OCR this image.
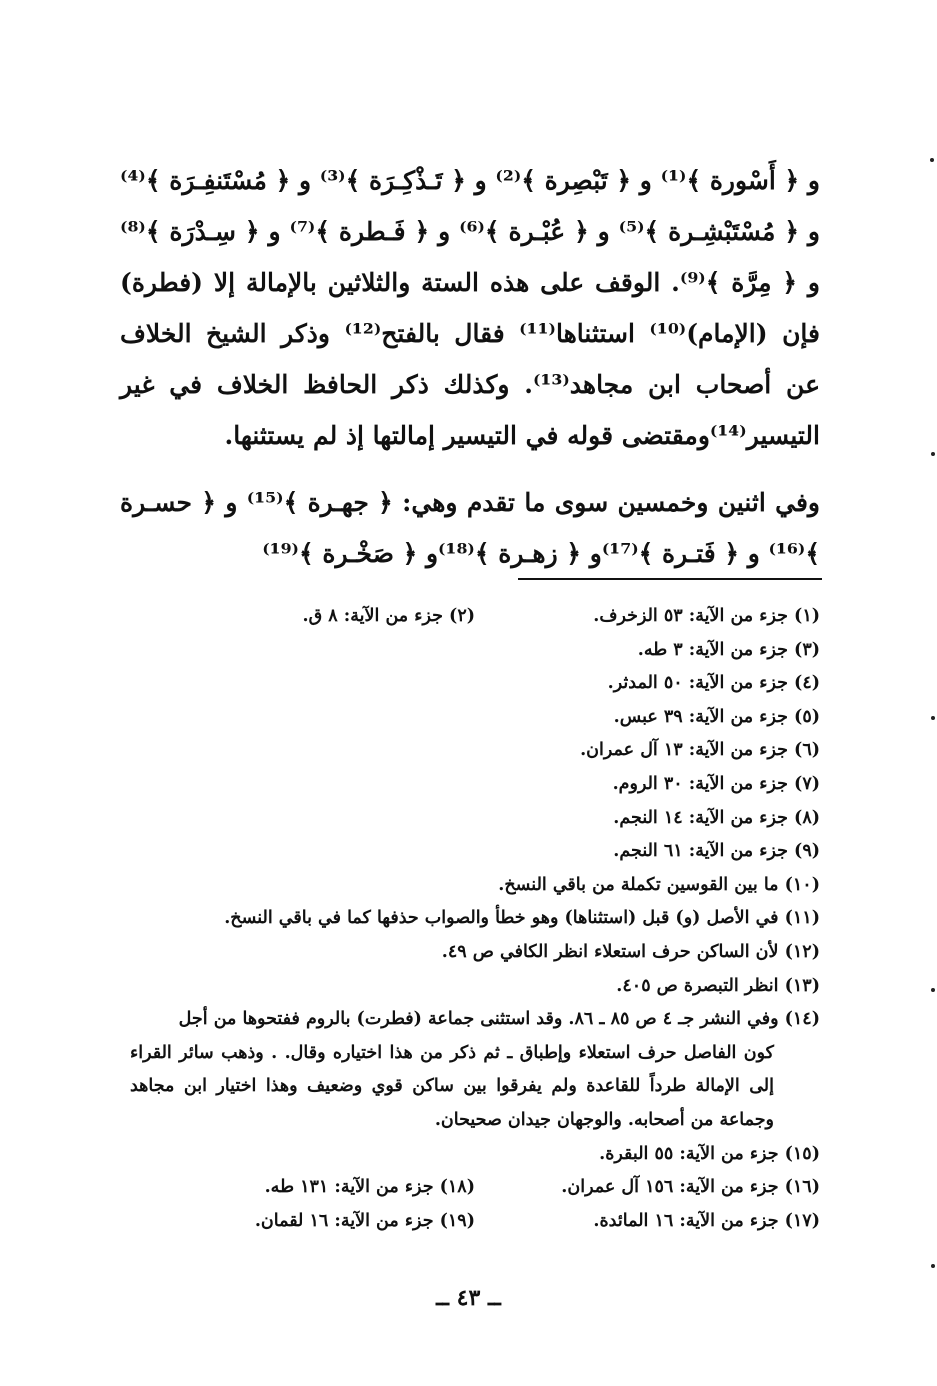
و ﴿ أَسْورة ﴾⁽¹⁾ و ﴿ تَبْصِرة ﴾⁽²⁾ و ﴿ تَـذْكِـرَة ﴾⁽³⁾ و ﴿ مُسْتَنفِـرَة ﴾⁽⁴⁾ و ﴿ مُسْتَبْشِـرة ﴾⁽⁵⁾ و ﴿ عُبْـرة ﴾⁽⁶⁾ و ﴿ فَـطرة ﴾⁽⁷⁾ و ﴿ سِـدْرَة ﴾⁽⁸⁾ و ﴿ مِرَّة ﴾⁽⁹⁾. الوقف على هذه الستة والثلاثين بالإمالة إلا (فطرة) فإن (الإمام)⁽¹⁰⁾ استثناها⁽¹¹⁾ فقال بالفتح⁽¹²⁾ وذكر الشيخ الخلاف عن أصحاب ابن مجاهد⁽¹³⁾. وكذلك ذكر الحافظ الخلاف في غير التيسير⁽¹⁴⁾ومقتضى قوله في التيسير إمالتها إذ لم يستثنها.

وفي اثنين وخمسين سوى ما تقدم وهي: ﴿ جهـرة ﴾⁽¹⁵⁾ و ﴿ حسـرة ﴾⁽¹⁶⁾ و ﴿ فَتـرة ﴾⁽¹⁷⁾و ﴿ زهـرة ﴾⁽¹⁸⁾و ﴿ صَخْـرة ﴾⁽¹⁹⁾

(١) جزء من الآية: ٥٣ الزخرف.
(٢) جزء من الآية: ٨ ق.
(٣) جزء من الآية: ٣ طه.
(٤) جزء من الآية: ٥٠ المدثر.
(٥) جزء من الآية: ٣٩ عبس.
(٦) جزء من الآية: ١٣ آل عمران.
(٧) جزء من الآية: ٣٠ الروم.
(٨) جزء من الآية: ١٤ النجم.
(٩) جزء من الآية: ٦١ النجم.
(١٠) ما بين القوسين تكملة من باقي النسخ.
(١١) في الأصل (و) قبل (استثناها) وهو خطأ والصواب حذفها كما في باقي النسخ.
(١٢) لأن الساكن حرف استعلاء انظر الكافي ص ٤٩.
(١٣) انظر التبصرة ص ٤٠٥.
(١٤) وفي النشر جـ ٤ ص ٨٥ ـ ٨٦. وقد استثنى جماعة (فطرت) بالروم ففتحوها من أجل
كون الفاصل حرف استعلاء وإطباق ـ ثم ذكر من هذا اختياره وقال. . وذهب سائر القراء إلى الإمالة طرداً للقاعدة ولم يفرقوا بين ساكن قوي وضعيف وهذا اختيار ابن مجاهد وجماعة من أصحابه. والوجهان جيدان صحيحان.
(١٥) جزء من الآية: ٥٥ البقرة.
(١٦) جزء من الآية: ١٥٦ آل عمران.
(١٨) جزء من الآية: ١٣١ طه.
(١٧) جزء من الآية: ١٦ المائدة.
(١٩) جزء من الآية: ١٦ لقمان.
ــ ٤٣ ــ
